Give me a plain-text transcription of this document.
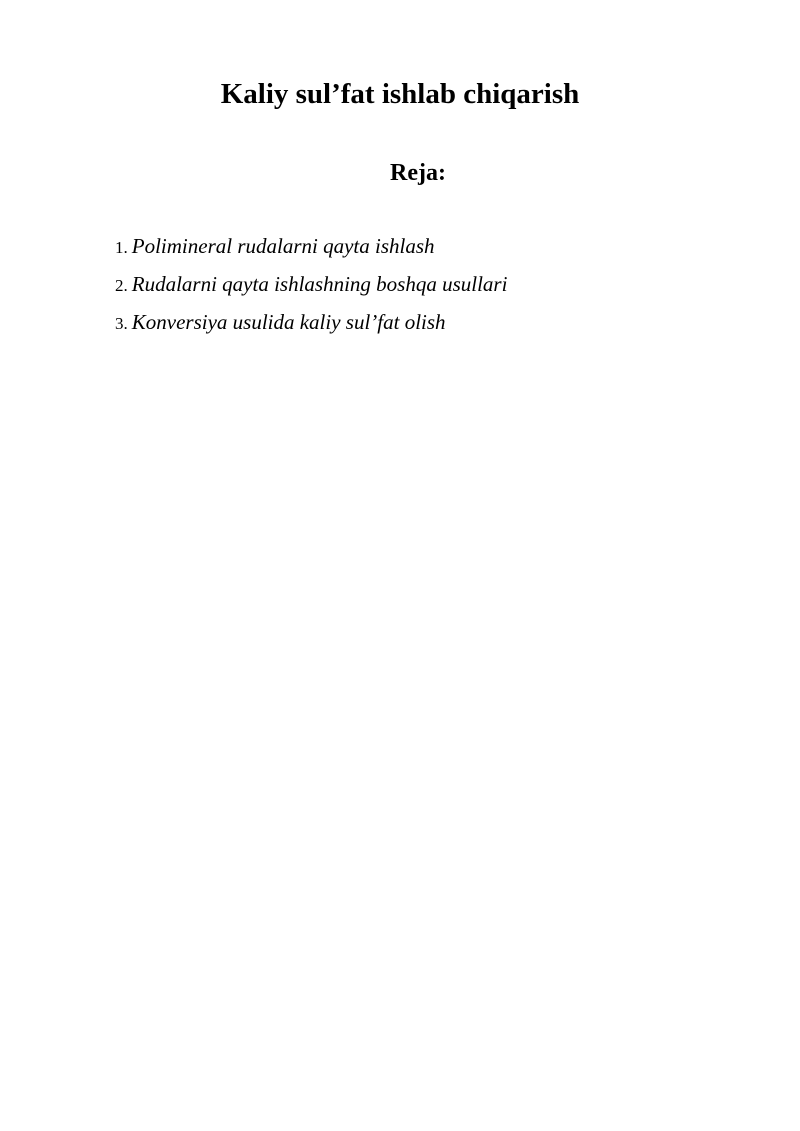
Kaliy sul’fat ishlab chiqarish
Reja:
1. Polimineral rudalarni qayta ishlash
2. Rudalarni qayta ishlashning boshqa usullari
3. Konversiya usulida kaliy sul’fat olish
